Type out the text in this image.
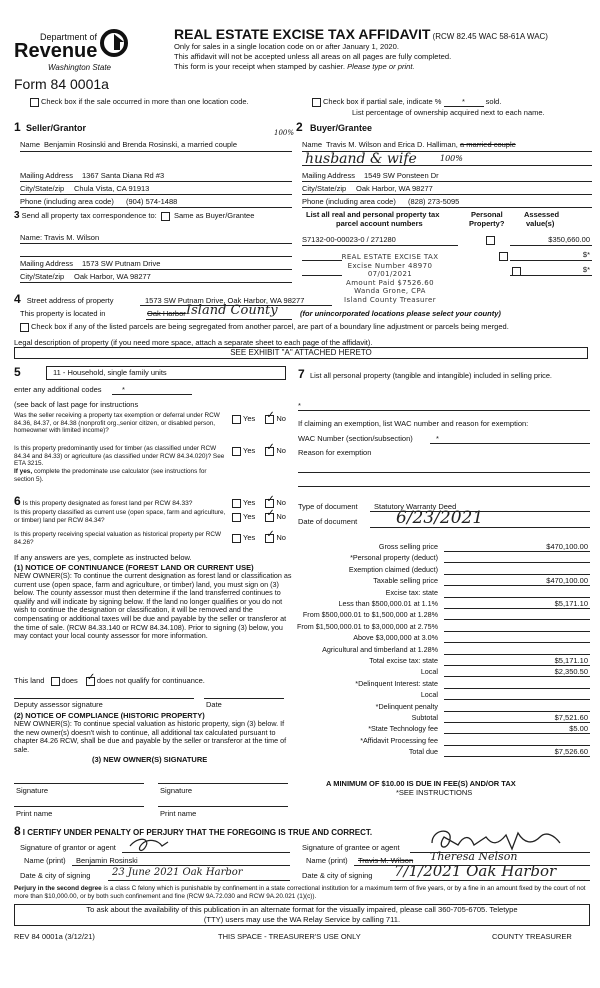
Department of
Revenue
Washington State
Form 84 0001a
REAL ESTATE EXCISE TAX AFFIDAVIT (RCW 82.45 WAC 58-61A WAC)
Only for sales in a single location code on or after January 1, 2020.
This affidavit will not be accepted unless all areas on all pages are fully completed.
This form is your receipt when stamped by cashier. Please type or print.
Check box if the sale occurred in more than one location code.	Check box if partial sale, indicate %	*	sold.
List percentage of ownership acquired next to each name.
1 Seller/Grantor
Name Benjamin Rosinski and Brenda Rosinski, a married couple
100% 2 Buyer/Grantee
Name Travis M. Wilson and Erica D. Halliman, a married couple
husband & wife	100%
Mailing Address 1367 Santa Diana Rd #3
City/State/zip Chula Vista, CA 91913
Phone (including area code) (904) 574-1488
Mailing Address 1549 SW Ponsteen Dr
City/State/zip Oak Harbor, WA 98277
Phone (including area code) (828) 273-5095
3 Send all property tax correspondence to: Same as Buyer/Grantee
Name: Travis M. Wilson
Mailing Address 1573 SW Putnam Drive
City/State/zip Oak Harbor, WA 98277
List all real and personal property tax
parcel account numbers
Personal
Property?
Assessed
value(s)
S7132-00-00023-0 / 271280
	$350,660.00

$*
$*
REAL ESTATE EXCISE TAX
Excise Number 48970
07/01/2021
Amount Paid $7526.60
Wanda Grone, CPA
Island County Treasurer
4 Street address of property	1573 SW Putnam Drive, Oak Harbor, WA 98277
This property is located in	Oak Harbor Island County	(for unincorporated locations please select your county)
Check box if any of the listed parcels are being segregated from another parcel, are part of a boundary line adjustment or parcels being merged.
Legal description of property (if you need more space, attach a separate sheet to each page of the affidavit).
SEE EXHIBIT "A" ATTACHED HERETO
5	11 - Household, single family units
enter any additional codes	*
(see back of last page for instructions
Was the seller receiving a property tax exemption or deferral under RCW 84.36, 84.37, or 84.38 (nonprofit org.,senior citizen, or disabled person, homeowner with limited income)?
Yes ✓	No
Is this property predominantly used for timber (as classified under RCW 84.34 and 84.33) or agriculture (as classified under RCW 84.34.020)? See ETA 3215.
If yes, complete the predominate use calculator (see instructions for section 5).
Yes ✓	No
6 Is this property designated as forest land per RCW 84.33?	Yes ✓	No
Is this property classified as current use (open space, farm and agriculture, or timber) land per RCW 84.34?	Yes ✓	No
Is this property receiving special valuation as historical property per RCW 84.26?	Yes ✓	No
If any answers are yes, complete as instructed below.
(1) NOTICE OF CONTINUANCE (FOREST LAND OR CURRENT USE)
NEW OWNER(S): To continue the current designation as forest land or classification as current use (open space, farm and agriculture, or timber) land, you must sign on (3) below. The county assessor must then determine if the land transferred continues to qualify and will indicate by signing below. If the land no longer qualifies or you do not wish to continue the designation or classification, it will be removed and the compensating or additional taxes will be due and payable by the seller or transferor at the time of sale. (RCW 84.33.140 or RCW 84.34.108). Prior to signing (3) below, you may contact your local county assessor for more information.
This land does ✓	does not qualify for continuance.
Deputy assessor signature	Date
(2) NOTICE OF COMPLIANCE (HISTORIC PROPERTY)
NEW OWNER(S): To continue special valuation as historic property, sign (3) below. If the new owner(s) doesn't wish to continue, all additional tax calculated pursuant to chapter 84.26 RCW, shall be due and payable by the seller or transferor at the time of sale.
(3) NEW OWNER(S) SIGNATURE
Signature	Signature
Print name	Print name
7 List all personal property (tangible and intangible) included in selling price.
*
If claiming an exemption, list WAC number and reason for exemption:
WAC Number (section/subsection)	*
Reason for exemption
Type of document Statutory Warranty Deed
Date of document 6/23/2021
Gross selling price	$470,100.00
*Personal property (deduct)
Exemption claimed (deduct)
Taxable selling price	$470,100.00
Excise tax: state
Less than $500,000.01 at 1.1%	$5,171.10
From $500,000.01 to $1,500,000 at 1.28%
From $1,500,000.01 to $3,000,000 at 2.75%
Above $3,000,000 at 3.0%
Agricultural and timberland at 1.28%
Total excise tax: state	$5,171.10
Local	$2,350.50
*Delinquent Interest: state
Local
*Delinquent penalty
Subtotal	$7,521.60
*State Technology fee	$5.00
*Affidavit Processing fee
Total due	$7,526.60
A MINIMUM OF $10.00 IS DUE IN FEE(S) AND/OR TAX
*SEE INSTRUCTIONS
8 I CERTIFY UNDER PENALTY OF PERJURY THAT THE FOREGOING IS TRUE AND CORRECT.
Signature of grantor or agent
Name (print) Benjamin Rosinski
Date & city of signing 23 June 2021 Oak Harbor
Signature of grantee or agent
Name (print) Travis M. Wilson Theresa Nelson
Date & city of signing 7/1/2021 Oak Harbor
Perjury in the second degree is a class C felony which is punishable by confinement in a state correctional institution for a maximum term of five years, or by a fine in an amount fixed by the court of not more than $10,000.00, or by both such confinement and fine (RCW 9A.72.030 and RCW 9A.20.021 (1)(c)).
To ask about the availability of this publication in an alternate format for the visually impaired, please call 360-705-6705. Teletype
(TTY) users may use the WA Relay Service by calling 711.
REV 84 0001a (3/12/21)	THIS SPACE - TREASURER'S USE ONLY	COUNTY TREASURER
